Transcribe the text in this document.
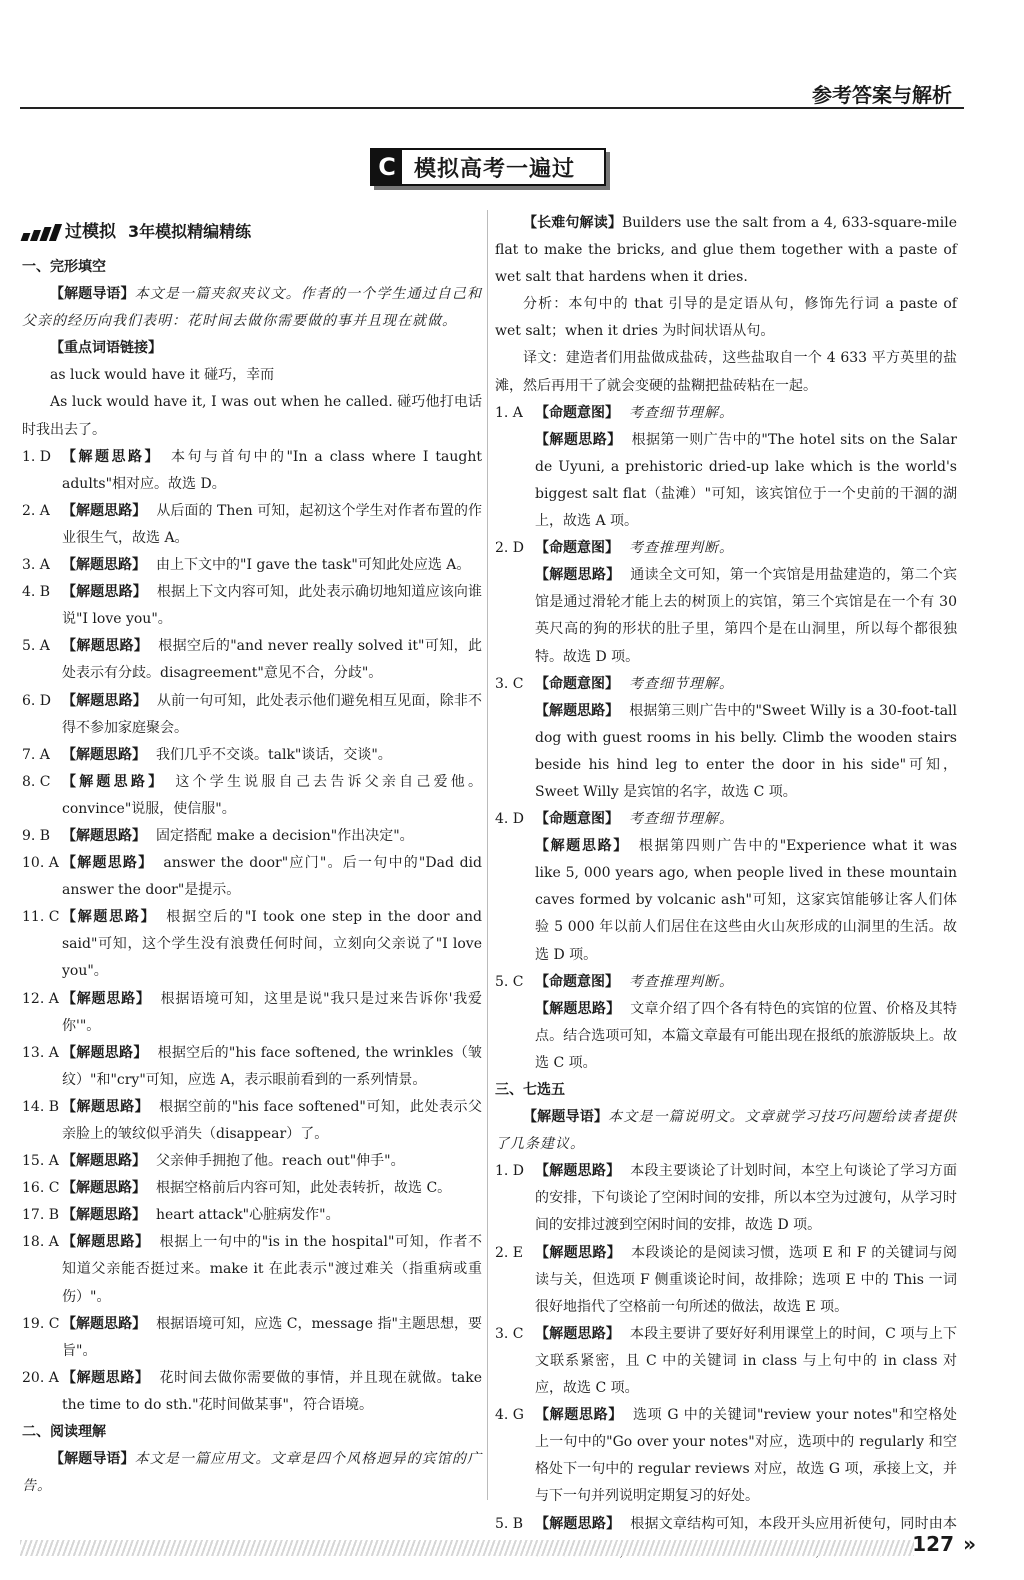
参考答案与解析
C 模拟高考一遍过
过模拟 3年模拟精编精练
一、完形填空

【解题导语】本文是一篇夹叙夹议文。作者的一个学生通过自己和父亲的经历向我们表明：花时间去做你需要做的事并且现在就做。

【重点词语链接】

as luck would have it 碰巧，幸而

As luck would have it, I was out when he called. 碰巧他打电话时我出去了。

1. D 【解题思路】 本句与首句中的"In a class where I taught adults"相对应。故选 D。
2. A 【解题思路】 从后面的 Then 可知，起初这个学生对作者布置的作业很生气，故选 A。
3. A 【解题思路】 由上下文中的"I gave the task"可知此处应选 A。
4. B 【解题思路】 根据上下文内容可知，此处表示确切地知道应该向谁说"I love you"。
5. A 【解题思路】 根据空后的"and never really solved it"可知，此处表示有分歧。disagreement"意见不合，分歧"。
6. D 【解题思路】 从前一句可知，此处表示他们避免相互见面，除非不得不参加家庭聚会。
7. A 【解题思路】 我们几乎不交谈。talk"谈话，交谈"。
8. C 【解题思路】 这个学生说服自己去告诉父亲自己爱他。convince"说服，使信服"。
9. B 【解题思路】 固定搭配 make a decision"作出决定"。
10. A 【解题思路】 answer the door"应门"。后一句中的"Dad did answer the door"是提示。
11. C 【解题思路】 根据空后的"I took one step in the door and said"可知，这个学生没有浪费任何时间，立刻向父亲说了"I love you"。
12. A 【解题思路】 根据语境可知，这里是说"我只是过来告诉你'我爱你'"。
13. A 【解题思路】 根据空后的"his face softened, the wrinkles（皱纹）"和"cry"可知，应选 A，表示眼前看到的一系列情景。
14. B 【解题思路】 根据空前的"his face softened"可知，此处表示父亲脸上的皱纹似乎消失（disappear）了。
15. A 【解题思路】 父亲伸手拥抱了他。reach out"伸手"。
16. C 【解题思路】 根据空格前后内容可知，此处表转折，故选 C。
17. B 【解题思路】 heart attack"心脏病发作"。
18. A 【解题思路】 根据上一句中的"is in the hospital"可知，作者不知道父亲能否挺过来。make it 在此表示"渡过难关（指重病或重伤）"。
19. C 【解题思路】 根据语境可知，应选 C，message 指"主题思想，要旨"。
20. A 【解题思路】 花时间去做你需要做的事情，并且现在就做。take the time to do sth."花时间做某事"，符合语境。
二、阅读理解

【解题导语】本文是一篇应用文。文章是四个风格迥异的宾馆的广告。

【长难句解读】Builders use the salt from a 4, 633-square-mile flat to make the bricks, and glue them together with a paste of wet salt that hardens when it dries.

分析：本句中的 that 引导的是定语从句，修饰先行词 a paste of wet salt；when it dries 为时间状语从句。

译文：建造者们用盐做成盐砖，这些盐取自一个 4 633 平方英里的盐滩，然后再用干了就会变硬的盐糊把盐砖粘在一起。

1. A 【命题意图】 考查细节理解。
【解题思路】 根据第一则广告中的"The hotel sits on the Salar de Uyuni, a prehistoric dried-up lake which is the world's biggest salt flat（盐滩）"可知，该宾馆位于一个史前的干涸的湖上，故选 A 项。
2. D 【命题意图】 考查推理判断。
【解题思路】 通读全文可知，第一个宾馆是用盐建造的，第二个宾馆是通过滑轮才能上去的树顶上的宾馆，第三个宾馆是在一个有 30 英尺高的狗的形状的肚子里，第四个是在山洞里，所以每个都很独特。故选 D 项。
3. C 【命题意图】 考查细节理解。
【解题思路】 根据第三则广告中的"Sweet Willy is a 30-foot-tall dog with guest rooms in his belly. Climb the wooden stairs beside his hind leg to enter the door in his side"可知，Sweet Willy 是宾馆的名字，故选 C 项。
4. D 【命题意图】 考查细节理解。
【解题思路】 根据第四则广告中的"Experience what it was like 5, 000 years ago, when people lived in these mountain caves formed by volcanic ash"可知，这家宾馆能够让客人们体验 5 000 年以前人们居住在这些由火山灰形成的山洞里的生活。故选 D 项。
5. C 【命题意图】 考查推理判断。
【解题思路】 文章介绍了四个各有特色的宾馆的位置、价格及其特点。结合选项可知，本篇文章最有可能出现在报纸的旅游版块上。故选 C 项。
三、七选五

【解题导语】本文是一篇说明文。文章就学习技巧问题给读者提供了几条建议。

1. D 【解题思路】 本段主要谈论了计划时间，本空上句谈论了学习方面的安排，下句谈论了空闲时间的安排，所以本空为过渡句，从学习时间的安排过渡到空闲时间的安排，故选 D 项。
2. E 【解题思路】 本段谈论的是阅读习惯，选项 E 和 F 的关键词与阅读与关，但选项 F 侧重谈论时间，故排除；选项 E 中的 This 一词很好地指代了空格前一句所述的做法，故选 E 项。
3. C 【解题思路】 本段主要讲了要好好利用课堂上的时间，C 项与上下文联系紧密，且 C 中的关键词 in class 与上句中的 in class 对应，故选 C 项。
4. G 【解题思路】 选项 G 中的关键词"review your notes"和空格处上一句中的"Go over your notes"对应，选项中的 regularly 和空格处下一句中的 regular reviews 对应，故选 G 项，承接上文，并与下一句并列说明定期复习的好处。
5. B 【解题思路】 根据文章结构可知，本段开头应用祈使句，同时由本
127 »
